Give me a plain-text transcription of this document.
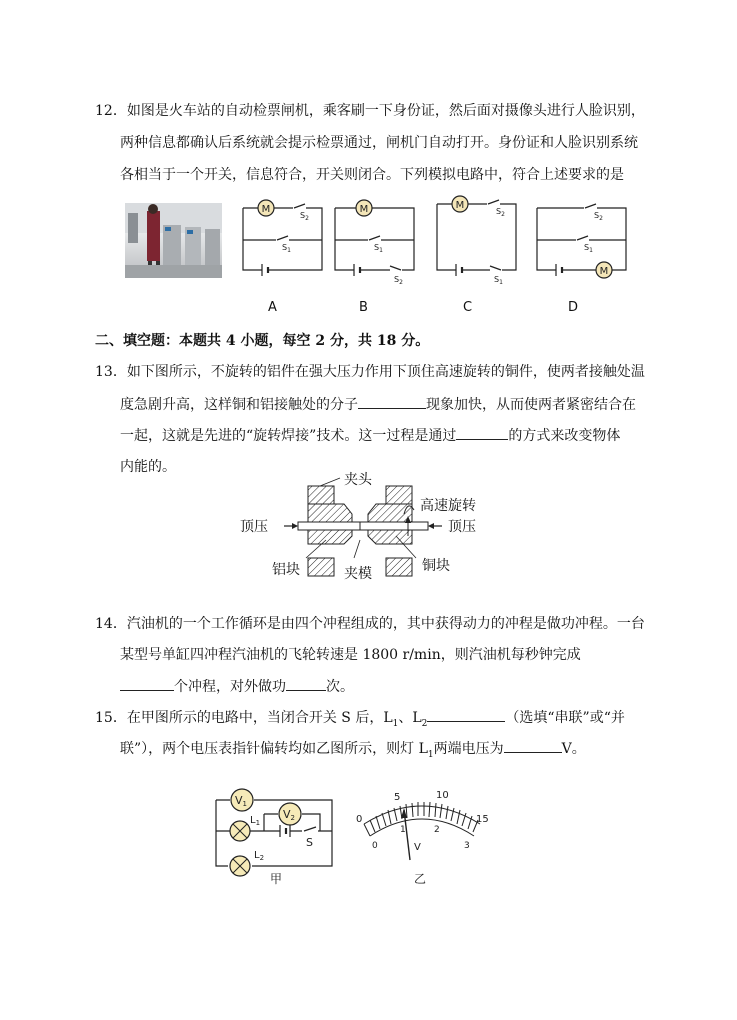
12．如图是火车站的自动检票闸机，乘客刷一下身份证，然后面对摄像头进行人脸识别，
两种信息都确认后系统就会提示检票通过，闸机门自动打开。身份证和人脸识别系统
各相当于一个开关，信息符合，开关则闭合。下列模拟电路中，符合上述要求的是
M
$S_2$
$S_1$
M
$S_1$
$S_2$
M
$S_2$
$S_1$
M
$S_2$
$S_1$
A	B	C	D
二、填空题：本题共 4 小题，每空 2 分，共 18 分。
13．如下图所示，不旋转的铝件在强大压力作用下顶住高速旋转的铜件，使两者接触处温
度急剧升高，这样铜和铝接触处的分子	现象加快，从而使两者紧密结合在
一起，这就是先进的“旋转焊接”技术。这一过程是通过	的方式来改变物体
内能的。
夹头
高速旋转
顶压	顶压
铝块	夹模	铜块
14．汽油机的一个工作循环是由四个冲程组成的，其中获得动力的冲程是做功冲程。一台
某型号单缸四冲程汽油机的飞轮转速是 1800 r/min，则汽油机每秒钟完成
个冲程，对外做功	次。
15．在甲图所示的电路中，当闭合开关 S 后，$L_1$、$L_2$	（选填“串联”或“并
联”），两个电压表指针偏转均如乙图所示，则灯 $L_1$两端电压为	V。
V1
V2
$L_1$
$L_2$
S
甲
0
5	10
15
0
1	2
3
V
乙
